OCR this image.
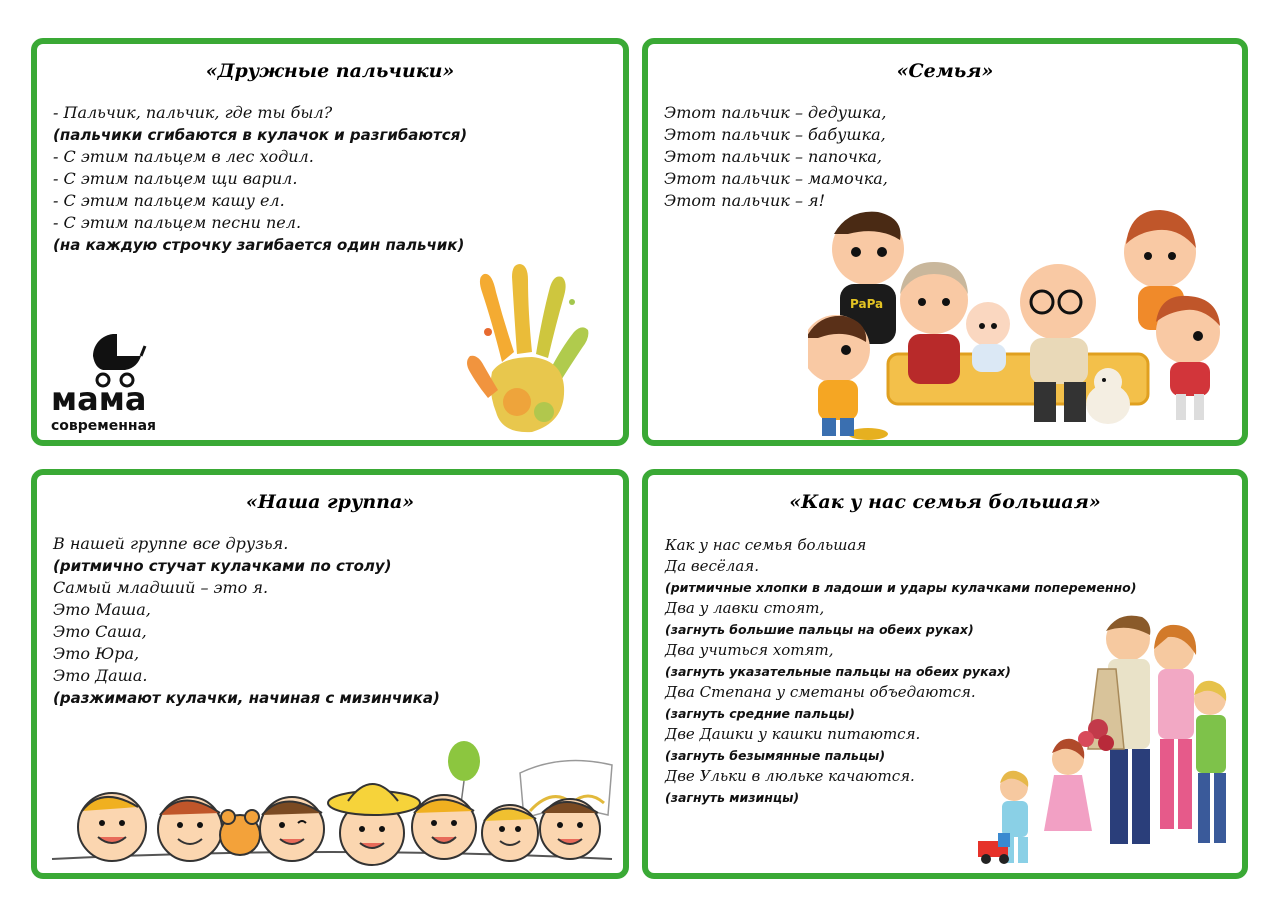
«Дружные пальчики»
- Пальчик, пальчик, где ты был?
(пальчики сгибаются в кулачок и разгибаются)
- С этим пальцем в лес ходил.
- С этим пальцем щи варил.
- С этим пальцем кашу ел.
- С этим пальцем песни пел.
(на каждую строчку загибается один пальчик)
мама
современная
«Семья»
Этот пальчик – дедушка,
Этот пальчик – бабушка,
Этот пальчик – папочка,
Этот пальчик – мамочка,
Этот пальчик – я!
PaPa
«Наша группа»
В нашей группе все друзья.
(ритмично стучат кулачками по столу)
Самый младший – это я.
Это Маша,
Это Саша,
Это Юра,
Это Даша.
(разжимают кулачки, начиная с мизинчика)
«Как у нас семья большая»
Как у нас семья большая
Да весёлая.
(ритмичные хлопки в ладоши и удары кулачками попеременно)
Два у лавки стоят,
(загнуть большие пальцы на обеих руках)
Два учиться хотят,
(загнуть указательные пальцы на обеих руках)
Два Степана у сметаны объедаются.
(загнуть средние пальцы)
Две Дашки у кашки питаются.
(загнуть безымянные пальцы)
Две Ульки в люльке качаются.
(загнуть мизинцы)
